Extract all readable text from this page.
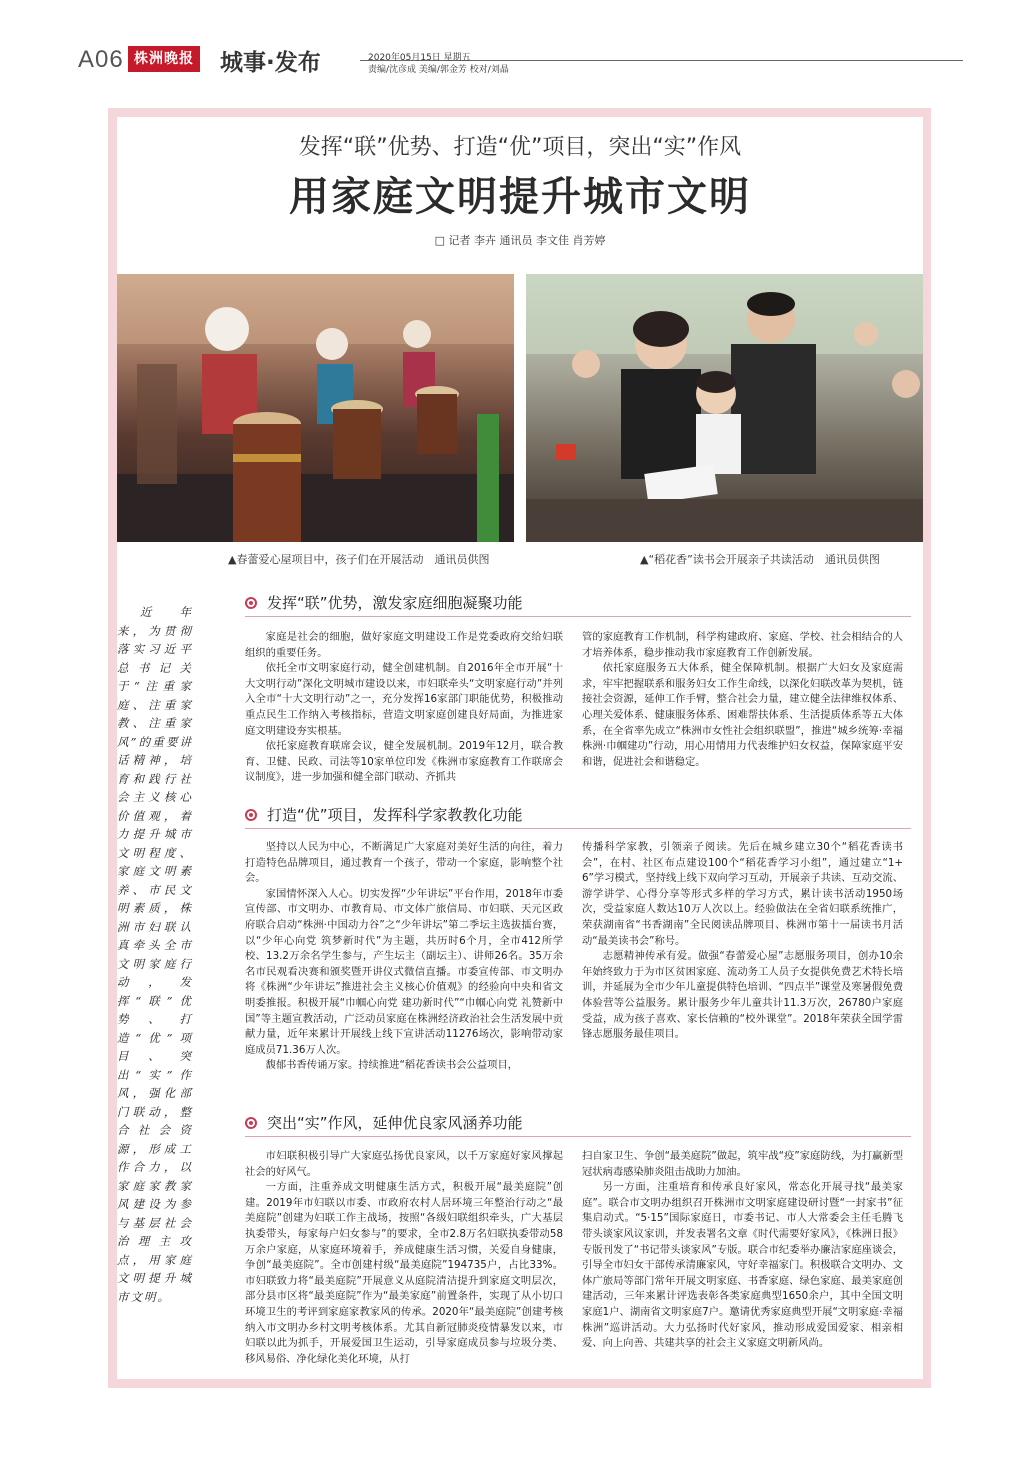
A06 株洲晚报 城事·发布	2020年05月15日 星期五
责编/沈彦成 美编/郭金芳 校对/刘晶
发挥“联”优势、打造“优”项目，突出“实”作风
用家庭文明提升城市文明
□ 记者 李卉 通讯员 李文佳 肖芳婷
▲春蕾爱心屋项目中，孩子们在开展活动　通讯员供图	▲“稻花香”读书会开展亲子共读活动　通讯员供图
近年来，为贯彻落实习近平总书记关于“注重家庭、注重家教、注重家风”的重要讲话精神，培育和践行社会主义核心价值观，着力提升城市文明程度、家庭文明素养、市民文明素质，株洲市妇联认真牵头全市文明家庭行动，发挥“联”优势、打造“优”项目、突出“实”作风，强化部门联动，整合社会资源，形成工作合力，以家庭家教家风建设为参与基层社会治理主攻点，用家庭文明提升城市文明。
发挥“联”优势，激发家庭细胞凝聚功能

家庭是社会的细胞，做好家庭文明建设工作是党委政府交给妇联组织的重要任务。

依托全市文明家庭行动，健全创建机制。自2016年全市开展“十大文明行动”深化文明城市建设以来，市妇联牵头“文明家庭行动”并列入全市“十大文明行动”之一，充分发挥16家部门职能优势，积极推动重点民生工作纳入考核指标，营造文明家庭创建良好局面，为推进家庭文明建设夯实根基。

依托家庭教育联席会议，健全发展机制。2019年12月，联合教育、卫健、民政、司法等10家单位印发《株洲市家庭教育工作联席会议制度》，进一步加强和健全部门联动、齐抓共

管的家庭教育工作机制，科学构建政府、家庭、学校、社会相结合的人才培养体系，稳步推动我市家庭教育工作创新发展。

依托家庭服务五大体系，健全保障机制。根据广大妇女及家庭需求，牢牢把握联系和服务妇女工作生命线，以深化妇联改革为契机，链接社会资源，延伸工作手臂，整合社会力量，建立健全法律维权体系、心理关爱体系、健康服务体系、困难帮扶体系、生活提质体系等五大体系，在全省率先成立“株洲市女性社会组织联盟”，推进“城乡统筹·幸福株洲·巾帼建功”行动，用心用情用力代表维护妇女权益，保障家庭平安和谐，促进社会和谐稳定。

打造“优”项目，发挥科学家教教化功能

坚持以人民为中心，不断满足广大家庭对美好生活的向往，着力打造特色品牌项目，通过教育一个孩子，带动一个家庭，影响整个社会。

家国情怀深入人心。切实发挥“少年讲坛”平台作用，2018年市委宣传部、市文明办、市教育局、市文体广旅信局、市妇联、天元区政府联合启动“株洲·中国动力谷”之“少年讲坛”第二季坛主选拔擂台赛，以“少年心向党 筑梦新时代”为主题，共历时6个月，全市412所学校、13.2万余名学生参与，产生坛主（副坛主）、讲师26名。35万余名市民观看决赛和颁奖暨开讲仪式微信直播。市委宣传部、市文明办将《株洲“少年讲坛”推进社会主义核心价值观》的经验向中央和省文明委推报。积极开展“巾帼心向党 建功新时代”“巾帼心向党 礼赞新中国”等主题宣教活动，广泛动员家庭在株洲经济政治社会生活发展中贡献力量，近年来累计开展线上线下宣讲活动11276场次，影响带动家庭成员71.36万人次。

馥郁书香传诵万家。持续推进“稻花香读书会公益项目，

传播科学家教，引领亲子阅读。先后在城乡建立30个“稻花香读书会”，在村、社区布点建设100个“稻花香学习小组”，通过建立“1+6”学习模式，坚持线上线下双向学习互动，开展亲子共读、互动交流、游学讲学、心得分享等形式多样的学习方式，累计读书活动1950场次，受益家庭人数达10万人次以上。经验做法在全省妇联系统推广，荣获湖南省“书香湖南”全民阅读品牌项目、株洲市第十一届读书月活动“最美读书会”称号。

志愿精神传承有爱。做强“春蕾爱心屋”志愿服务项目，创办10余年始终致力于为市区贫困家庭、流动务工人员子女提供免费艺术特长培训，并延展为全市少年儿童提供特色培训、“四点半”课堂及寒暑假免费体验营等公益服务。累计服务少年儿童共计11.3万次，26780户家庭受益，成为孩子喜欢、家长信赖的“校外课堂”。2018年荣获全国学雷锋志愿服务最佳项目。

突出“实”作风，延伸优良家风涵养功能

市妇联积极引导广大家庭弘扬优良家风，以千万家庭好家风撑起社会的好风气。

一方面，注重养成文明健康生活方式，积极开展“最美庭院”创建。2019年市妇联以市委、市政府农村人居环境三年整治行动之“最美庭院”创建为妇联工作主战场，按照“各级妇联组织牵头，广大基层执委带头，每家每户妇女参与”的要求，全市2.8万名妇联执委带动58万余户家庭，从家庭环境着手，养成健康生活习惯，关爱自身健康，争创“最美庭院”。全市创建村级“最美庭院”194735户，占比33%。市妇联致力将“最美庭院”开展意义从庭院清洁提升到家庭文明层次，部分县市区将“最美庭院”作为“最美家庭”前置条件，实现了从小切口环境卫生的考评到家庭家教家风的传承。2020年“最美庭院”创建考核纳入市文明办乡村文明考核体系。尤其自新冠肺炎疫情暴发以来，市妇联以此为抓手，开展爱国卫生运动，引导家庭成员参与垃圾分类、移风易俗、净化绿化美化环境，从打

扫自家卫生、争创“最美庭院”做起，筑牢战“疫”家庭防线，为打赢新型冠状病毒感染肺炎阻击战助力加油。

另一方面，注重培育和传承良好家风，常态化开展寻找“最美家庭”。联合市文明办组织召开株洲市文明家庭建设研讨暨“一封家书”征集启动式。“5·15”国际家庭日，市委书记、市人大常委会主任毛腾飞带头谈家风议家训，并发表署名文章《时代需要好家风》，《株洲日报》专版刊发了“书记带头谈家风”专版。联合市纪委举办廉洁家庭座谈会，引导全市妇女干部传承清廉家风，守好幸福家门。积极联合文明办、文体广旅局等部门常年开展文明家庭、书香家庭、绿色家庭、最美家庭创建活动，三年来累计评选表彰各类家庭典型1650余户，其中全国文明家庭1户、湖南省文明家庭7户。邀请优秀家庭典型开展“文明家庭·幸福株洲”巡讲活动。大力弘扬时代好家风，推动形成爱国爱家、相亲相爱、向上向善、共建共享的社会主义家庭文明新风尚。
